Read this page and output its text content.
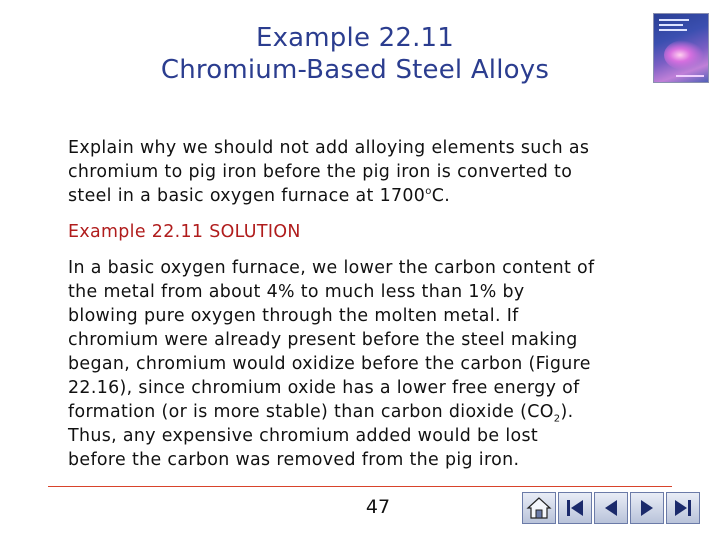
Example 22.11
Chromium-Based Steel Alloys
Explain why we should not add alloying elements such as
chromium to pig iron before the pig iron is converted to
steel in a basic oxygen furnace at 1700$^o$C.
Example 22.11 SOLUTION
In a basic oxygen furnace, we lower the carbon content of
the metal from about 4% to much less than 1% by
blowing pure oxygen through the molten metal. If
chromium were already present before the steel making
began, chromium would oxidize before the carbon (Figure
22.16), since chromium oxide has a lower free energy of
formation (or is more stable) than carbon dioxide $(CO_2)$.
Thus, any expensive chromium added would be lost
before the carbon was removed from the pig iron.
47
